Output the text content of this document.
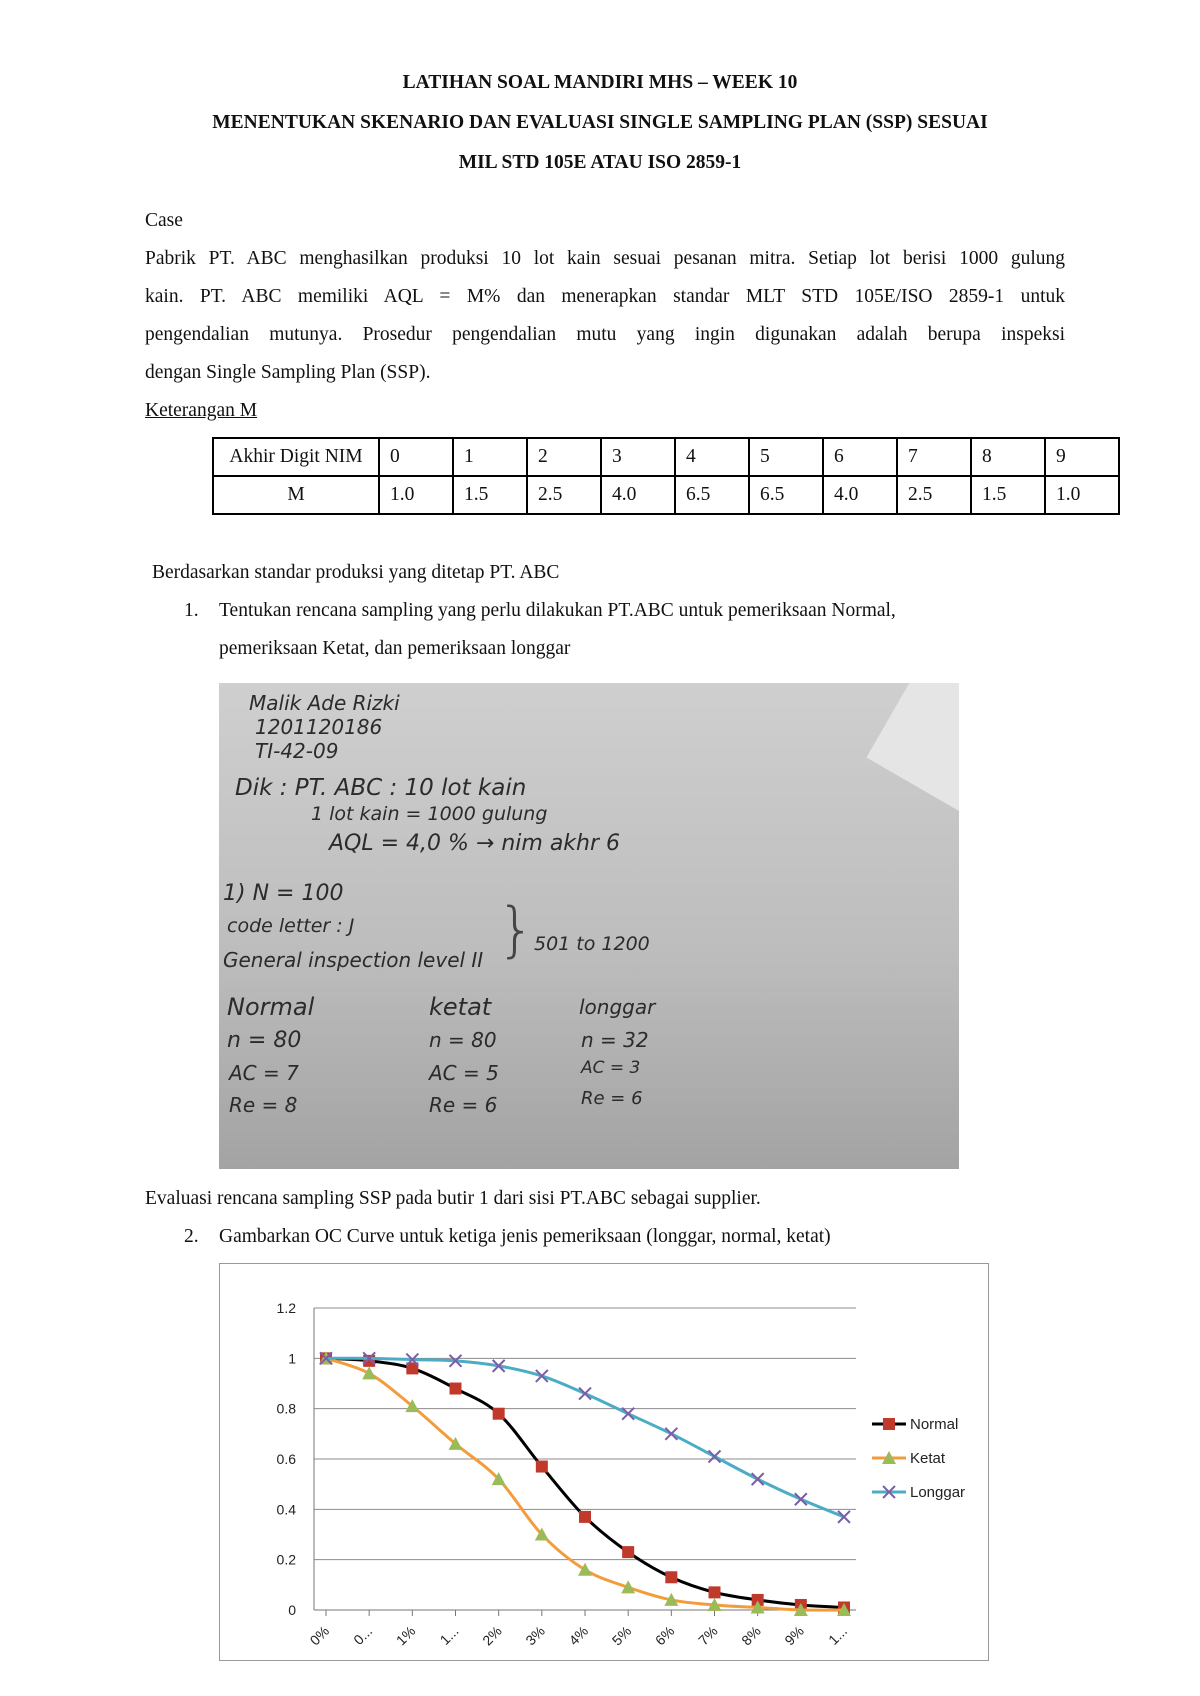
LATIHAN SOAL MANDIRI MHS – WEEK 10
MENENTUKAN SKENARIO DAN EVALUASI SINGLE SAMPLING PLAN (SSP) SESUAI
MIL STD 105E ATAU ISO 2859-1
Case
Pabrik PT. ABC menghasilkan produksi 10 lot kain sesuai pesanan mitra. Setiap lot berisi 1000 gulung
kain. PT. ABC memiliki AQL = M% dan menerapkan standar MLT STD 105E/ISO 2859-1 untuk
pengendalian mutunya. Prosedur pengendalian mutu yang ingin digunakan adalah berupa inspeksi
dengan Single Sampling Plan (SSP).
Keterangan M
Akhir Digit NIM	0	1	2	3	4	5	6	7	8	9
M	1.0	1.5	2.5	4.0	6.5	6.5	4.0	2.5	1.5	1.0
Berdasarkan standar produksi yang ditetap PT. ABC
1.	Tentukan rencana sampling yang perlu dilakukan PT.ABC untuk pemeriksaan Normal,
pemeriksaan Ketat, dan pemeriksaan longgar
Malik Ade Rizki
1201120186
TI-42-09
Dik : PT. ABC : 10 lot kain
1 lot kain = 1000 gulung
AQL = 4,0 % → nim akhr 6
1) N = 100
code letter : J
General inspection level II }
501 to 1200
Normal
n = 80
AC = 7
Re = 8
ketat
n = 80
AC = 5
Re = 6
longgar
n = 32
AC = 3
Re = 6
Evaluasi rencana sampling SSP pada butir 1 dari sisi PT.ABC sebagai supplier.
2.	Gambarkan OC Curve untuk ketiga jenis pemeriksaan (longgar, normal, ketat)
0
0.2
0.4
0.6
0.8
1
1.2
0% 0... 1% 1... 2% 3% 4% 5% 6% 7% 8% 9% 1...
Normal
Ketat
Longgar
